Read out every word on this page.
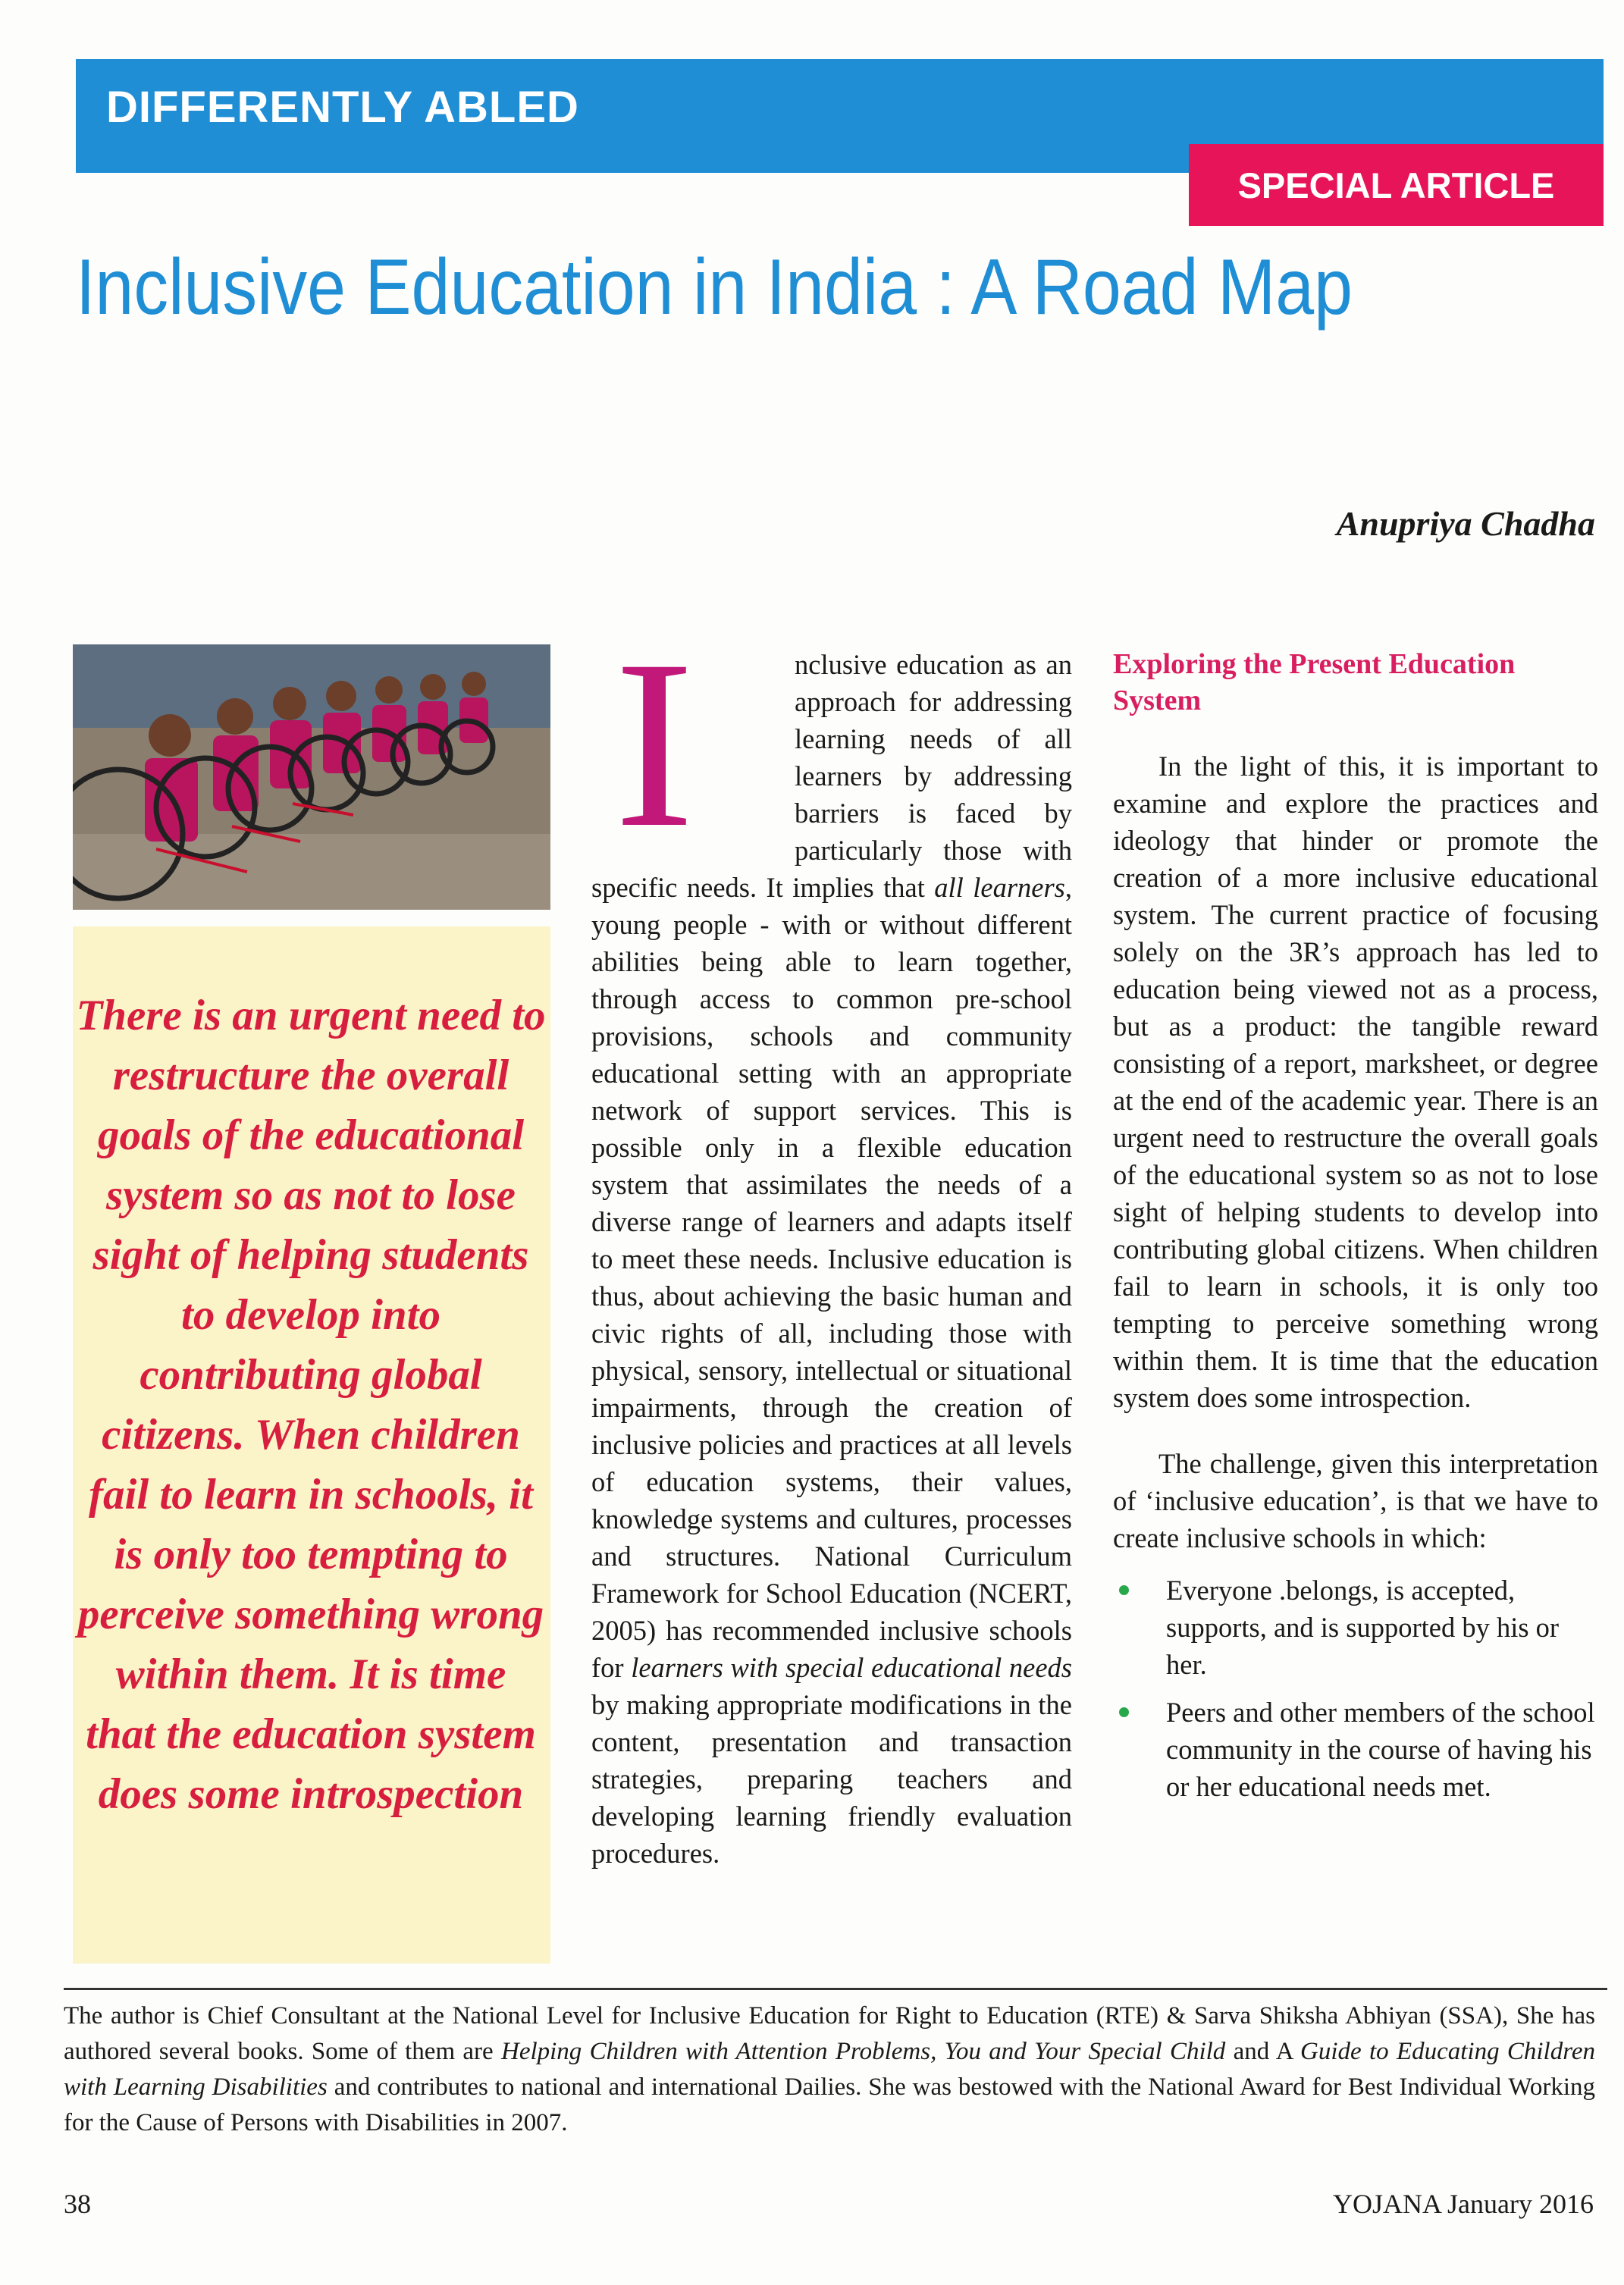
DIFFERENTLY ABLED
SPECIAL ARTICLE
Inclusive Education in India : A Road Map
Anupriya Chadha
There is an urgent need to restructure the overall goals of the educational system so as not to lose sight of helping students to develop into contributing global citizens. When children fail to learn in schools, it is only too tempting to perceive something wrong within them. It is time that the education system does some introspection
I	nclusive education as an approach for addressing learning needs of all learners by addressing barriers is faced by particularly those with specific needs. It implies that all learners, young people - with or without different abilities being able to learn together, through access to common pre-school provisions, schools and community educational setting with an appropriate network of support services. This is possible only in a flexible education system that assimilates the needs of a diverse range of learners and adapts itself to meet these needs. Inclusive education is thus, about achieving the basic human and civic rights of all, including those with physical, sensory, intellectual or situational impairments, through the creation of inclusive policies and practices at all levels of education systems, their values, knowledge systems and cultures, processes and structures. National Curriculum Framework for School Education (NCERT, 2005) has recommended inclusive schools for learners with special educational needs by making appropriate modifications in the content, presentation and transaction strategies, preparing teachers and developing learning friendly evaluation procedures.

Exploring the Present Education System

In the light of this, it is important to examine and explore the practices and ideology that hinder or promote the creation of a more inclusive educational system. The current practice of focusing solely on the 3R’s approach has led to education being viewed not as a process, but as a product: the tangible reward consisting of a report, marksheet, or degree at the end of the academic year. There is an urgent need to restructure the overall goals of the educational system so as not to lose sight of helping students to develop into contributing global citizens. When children fail to learn in schools, it is only too tempting to perceive something wrong within them. It is time that the education system does some introspection.

The challenge, given this interpretation of ‘inclusive education’, is that we have to create inclusive schools in which:

Everyone .belongs, is accepted, supports, and is supported by his or her.
Peers and other members of the school community in the course of having his or her educational needs met.
The author is Chief Consultant at the National Level for Inclusive Education for Right to Education (RTE) & Sarva Shiksha Abhiyan (SSA), She has authored several books. Some of them are Helping Children with Attention Problems, You and Your Special Child and A Guide to Educating Children with Learning Disabilities and contributes to national and international Dailies. She was bestowed with the National Award for Best Individual Working for the Cause of Persons with Disabilities in 2007.
38	YOJANA January 2016
